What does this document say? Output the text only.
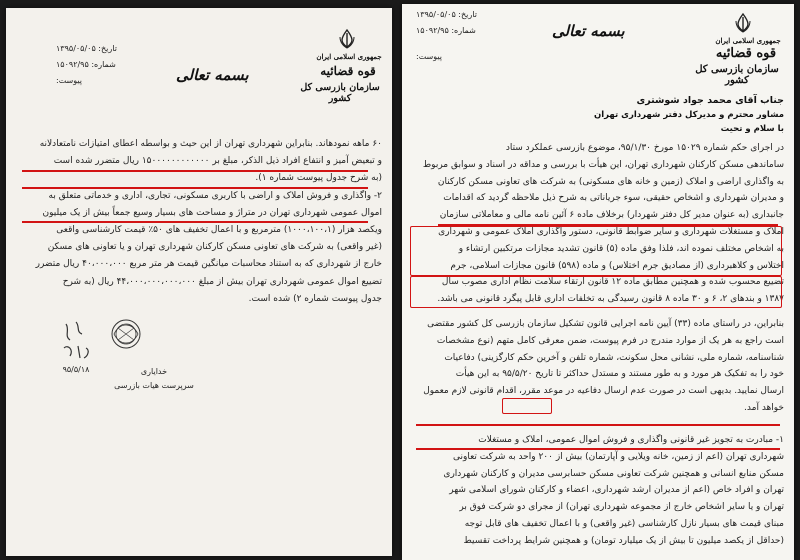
جمهوری اسلامی ایران
قوه قضائیه
سازمان بازرسی کل کشور
بسمه تعالی
تاریخ: ۱۳۹۵/۰۵/۰۵
شماره: ۱۵۰۹۲/۹۵
پیوست:
۶۰ ماهه نمودهاند. بنابراین شهرداری تهران از این حیث و بواسطه اعطای امتیازات نامتعادلانه
و تبعیض آمیز و انتفاع افراد ذیل الذکر، مبلغ بر ۱۵۰۰۰۰۰۰۰۰۰۰۰۰ ریال متضرر شده است
(به شرح جدول پیوست شماره ۱).
۲- واگذاری و فروش املاک و اراضی با کاربری مسکونی، تجاری، اداری و خدماتی متعلق به
اموال عمومی شهرداری تهران در متراژ و مساحت های بسیار وسیع جمعاً بیش از یک میلیون
ویکصد هزار (۱۰۰۰،۱۰۰،۱) مترمربع و با اعمال تخفیف های ۵۰٪ قیمت کارشناسی واقعی
(غیر واقعی) به شرکت های تعاونی مسکن کارکنان شهرداری تهران و یا تعاونی های مسکن
خارج از شهرداری که به استناد محاسبات میانگین قیمت هر متر مربع ۴۰،۰۰۰،۰۰۰ ریال متضرر
تضییع اموال عمومی شهرداری تهران بیش از مبلغ ۴۴،۰۰۰،۰۰۰،۰۰۰،۰۰۰ ریال (به شرح
جدول پیوست شماره ۲) شده است.
خدایاری
سرپرست هیات بازرسی
۹۵/۵/۱۸
جمهوری اسلامی ایران
قوه قضائیه
سازمان بازرسی کل کشور
بسمه تعالی
تاریخ: ۱۳۹۵/۰۵/۰۵
شماره: ۱۵۰۹۲/۹۵
پیوست:
جناب آقای محمد جواد شوشتری
مشاور محترم و مدیرکل دفتر شهرداری تهران
با سلام و تحیت
در اجرای حکم شماره ۱۵۰۲۹ مورخ ۹۵/۱/۳۰، موضوع بازرسی عملکرد ستاد
ساماندهی مسکن کارکنان شهرداری تهران، این هیأت با بررسی و مداقه در اسناد و سوابق مربوط
به واگذاری اراضی و املاک (زمین و خانه های مسکونی) به شرکت های تعاونی مسکن کارکنان
و مدیران شهرداری و اشخاص حقیقی، سوء جریاناتی به شرح ذیل ملاحظه گردید که اقدامات
جانبداری (به عنوان مدیر کل دفتر شهردار) برخلاف ماده ۶ آئین نامه مالی و معاملاتی سازمان
املاک و مستغلات شهرداری و سایر ضوابط قانونی، دستور واگذاری املاک عمومی و شهرداری
به اشخاص مختلف نموده اند، فلذا وفق ماده (۵) قانون تشدید مجازات مرتکبین ارتشاء و
اختلاس و کلاهبرداری (از مصادیق جرم اختلاس) و ماده (۵۹۸) قانون مجازات اسلامی، جرم
تضییع محسوب شده و همچنین مطابق ماده ۱۲ قانون ارتقاء سلامت نظام اداری مصوب سال
۱۳۸۷ و بندهای ۲، ۶ و ۳۰ ماده ۸ قانون رسیدگی به تخلفات اداری قابل پیگرد قانونی می باشد.
بنابراین، در راستای ماده (۳۳) آیین نامه اجرایی قانون تشکیل سازمان بازرسی کل کشور مقتضی
است راجع به هر یک از موارد مندرج در فرم پیوست، ضمن معرفی کامل متهم (نوع مشخصات
شناسنامه، شماره ملی، نشانی محل سکونت، شماره تلفن و آخرین حکم کارگزینی) دفاعیات
خود را به تفکیک هر مورد و به طور مستند و مستدل حداکثر تا تاریخ ۹۵/۵/۲۰ به این هیأت
ارسال نمایید. بدیهی است در صورت عدم ارسال دفاعیه در موعد مقرر، اقدام قانونی لازم معمول
خواهد آمد.
۱- مبادرت به تجویز غیر قانونی واگذاری و فروش اموال عمومی، املاک و مستغلات
شهرداری تهران (اعم از زمین، خانه ویلایی و آپارتمان) بیش از ۲۰۰ واحد به شرکت تعاونی
مسکن منابع انسانی و همچنین شرکت تعاونی مسکن حسابرسی مدیران و کارکنان شهرداری
تهران و افراد خاص (اعم از مدیران ارشد شهرداری، اعضاء و کارکنان شورای اسلامی شهر
تهران و یا سایر اشخاص خارج از مجموعه شهرداری تهران) از مجرای دو شرکت فوق بر
مبنای قیمت های بسیار نازل کارشناسی (غیر واقعی) و با اعمال تخفیف های قابل توجه
(حداقل از یکصد میلیون تا بیش از یک میلیارد تومان) و همچنین شرایط پرداخت تقسیط
